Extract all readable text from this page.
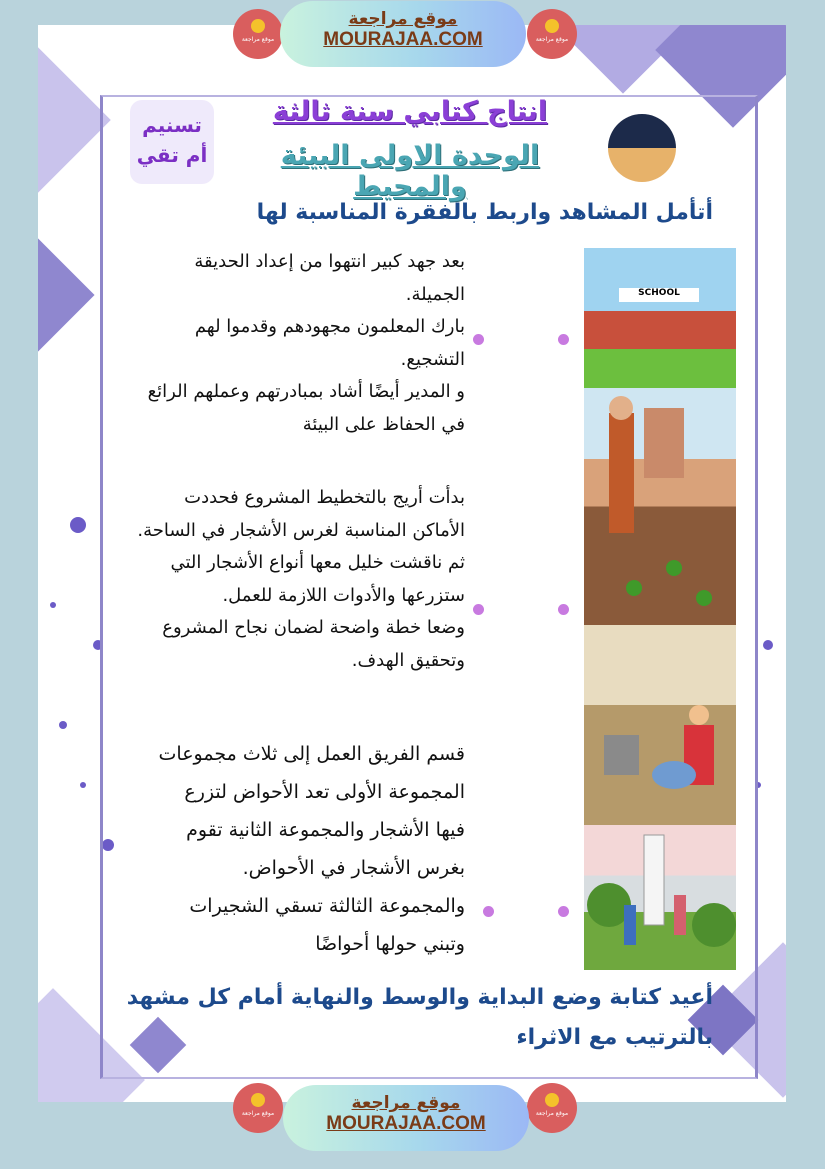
موقع مراجعة	موقع مراجعة
موقع مراجعة
MOURAJAA.COM
تسنيم
أم تقي
انتاج كتابي سنة ثالثة
الوحدة الاولى البيئة والمحيط
أتأمل المشاهد واربط بالفقرة المناسبة لها
بعد جهد كبير انتهوا من إعداد الحديقة
الجميلة.
بارك المعلمون مجهودهم وقدموا لهم
التشجيع.
و المدير أيضًا أشاد بمبادرتهم وعملهم الرائع
في الحفاظ على البيئة
بدأت أريج بالتخطيط المشروع فحددت
الأماكن المناسبة لغرس الأشجار في الساحة.
ثم ناقشت خليل معها أنواع الأشجار التي
ستزرعها والأدوات اللازمة للعمل.
وضعا خطة واضحة لضمان نجاح المشروع
وتحقيق الهدف.
قسم الفريق العمل إلى ثلاث مجموعات
المجموعة الأولى تعد الأحواض لتزرع
فيها الأشجار والمجموعة الثانية تقوم
بغرس الأشجار في الأحواض.
والمجموعة الثالثة تسقي الشجيرات
وتبني حولها أحواضًا
SCHOOL
أعيد كتابة وضع البداية والوسط والنهاية أمام كل مشهد
بالترتيب مع الاثراء
موقع مراجعة	موقع مراجعة
موقع مراجعة
MOURAJAA.COM
